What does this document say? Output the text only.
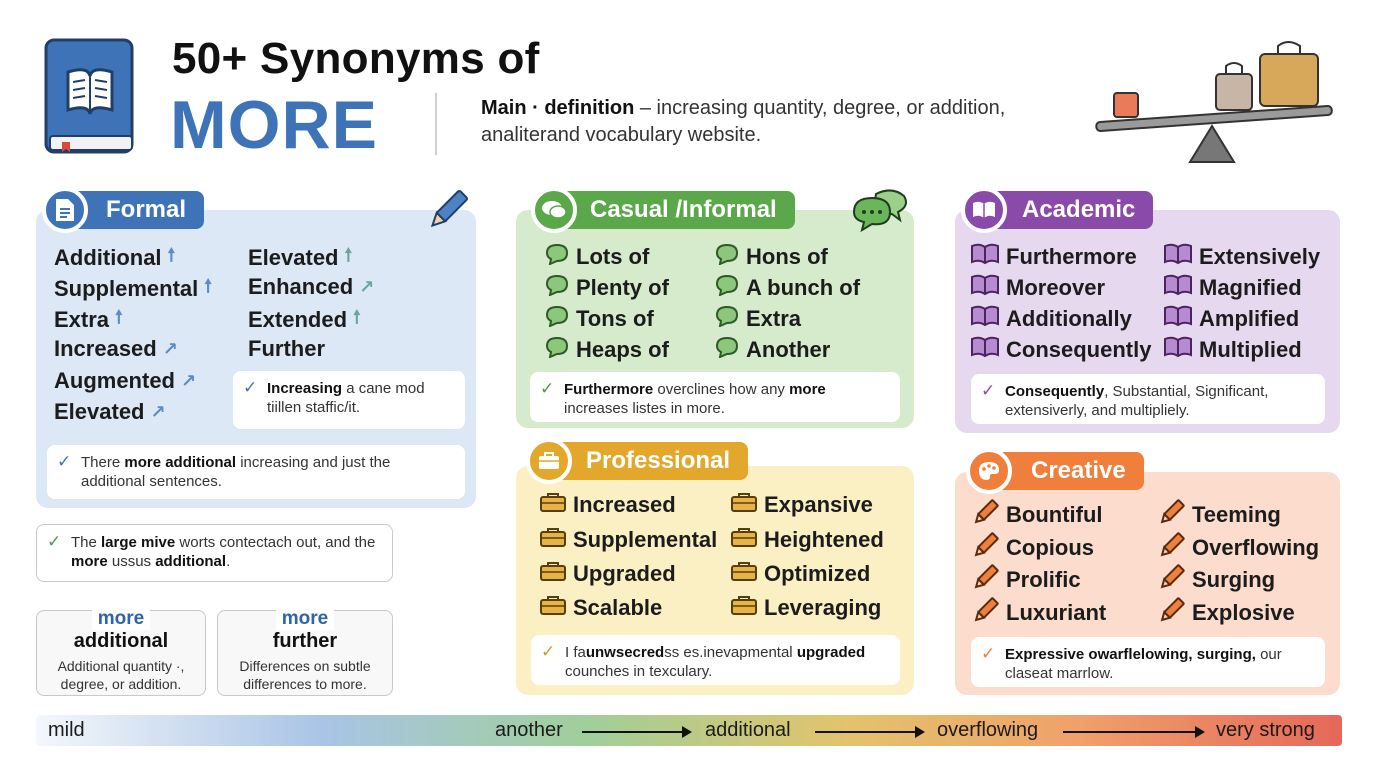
50+ Synonyms of
MORE	Main · definition – increasing quantity, degree, or addition, analiterand vocabulary website.
Formal
Additional 🠕
Supplemental 🠕
Extra 🠕
Increased ↗
Augmented ↗
Elevated ↗
Elevated 🠕
Enhanced ↗
Extended 🠕
Further
✓ Increasing a cane mod tiillen staffic/it.
✓ There more additional increasing and just the additional sentences.
✓ The large mive worts contectach out, and the more ussus additional.
more
additional
Additional quantity ·, degree, or addition.
more
further
Differences on subtle differences to more.
Casual /Informal
Lots of
Plenty of
Tons of
Heaps of
Hons of
A bunch of
Extra
Another
✓ Furthermore overclines how any more increases listes in more.
Academic
Furthermore
Moreover
Additionally
Consequently
Extensively
Magnified
Amplified
Multiplied
✓ Consequently, Substantial, Significant, extensiverly, and multipliely.
Professional
Increased
Supplemental
Upgraded
Scalable
Expansive
Heightened
Optimized
Leveraging
✓ I faunwsecredss es.inevapmental upgraded counches in texculary.
Creative
Bountiful
Copious
Prolific
Luxuriant
Teeming
Overflowing
Surging
Explosive
✓ Expressive owarflelowing, surging, our claseat marrlow.
mild	another	additional	overflowing	very strong
